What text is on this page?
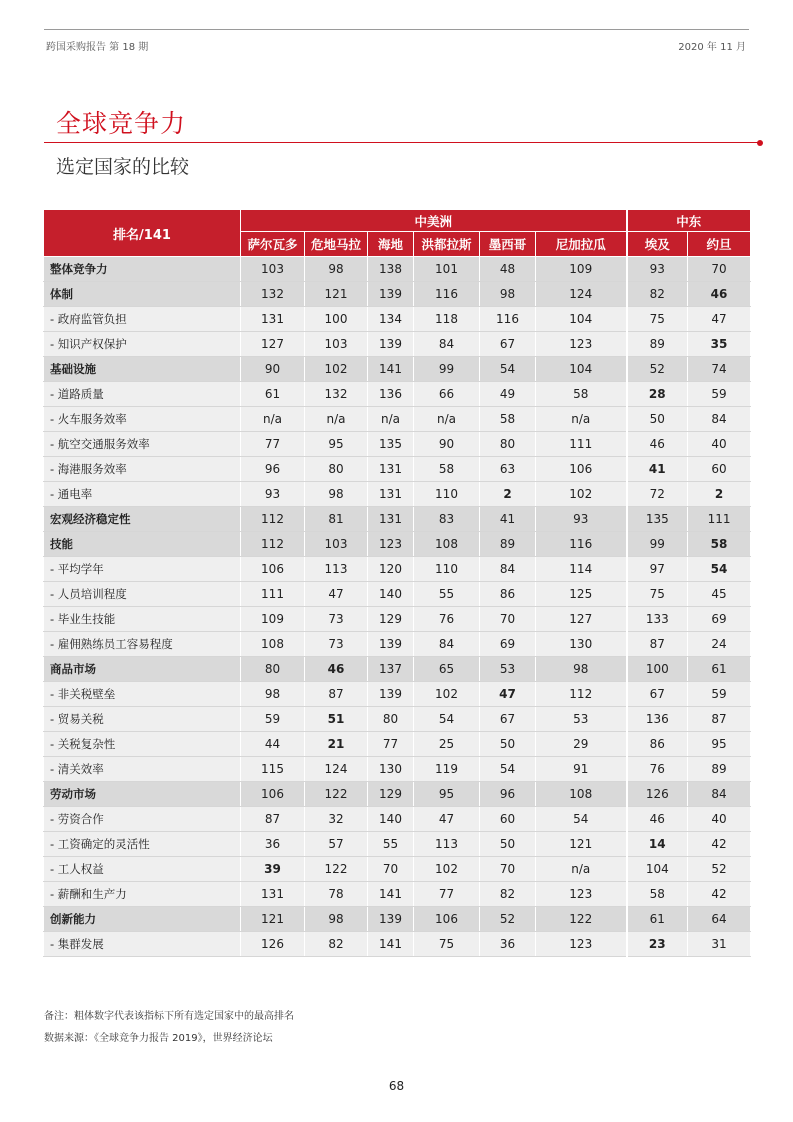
跨国采购报告 第 18 期	2020 年 11 月
全球竞争力
选定国家的比较
排名/141	中美洲						中东	
	萨尔瓦多	危地马拉	海地	洪都拉斯	墨西哥	尼加拉瓜	埃及	约旦
整体竞争力	103	98	138	101	48	109	93	70
体制	132	121	139	116	98	124	82	46
- 政府监管负担	131	100	134	118	116	104	75	47
- 知识产权保护	127	103	139	84	67	123	89	35
基础设施	90	102	141	99	54	104	52	74
- 道路质量	61	132	136	66	49	58	28	59
- 火车服务效率	n/a	n/a	n/a	n/a	58	n/a	50	84
- 航空交通服务效率	77	95	135	90	80	111	46	40
- 海港服务效率	96	80	131	58	63	106	41	60
- 通电率	93	98	131	110	2	102	72	2
宏观经济稳定性	112	81	131	83	41	93	135	111
技能	112	103	123	108	89	116	99	58
- 平均学年	106	113	120	110	84	114	97	54
- 人员培训程度	111	47	140	55	86	125	75	45
- 毕业生技能	109	73	129	76	70	127	133	69
- 雇佣熟练员工容易程度	108	73	139	84	69	130	87	24
商品市场	80	46	137	65	53	98	100	61
- 非关税壁垒	98	87	139	102	47	112	67	59
- 贸易关税	59	51	80	54	67	53	136	87
- 关税复杂性	44	21	77	25	50	29	86	95
- 清关效率	115	124	130	119	54	91	76	89
劳动市场	106	122	129	95	96	108	126	84
- 劳资合作	87	32	140	47	60	54	46	40
- 工资确定的灵活性	36	57	55	113	50	121	14	42
- 工人权益	39	122	70	102	70	n/a	104	52
- 薪酬和生产力	131	78	141	77	82	123	58	42
创新能力	121	98	139	106	52	122	61	64
- 集群发展	126	82	141	75	36	123	23	31
备注：粗体数字代表该指标下所有选定国家中的最高排名
数据来源：《全球竞争力报告 2019》，世界经济论坛
68
